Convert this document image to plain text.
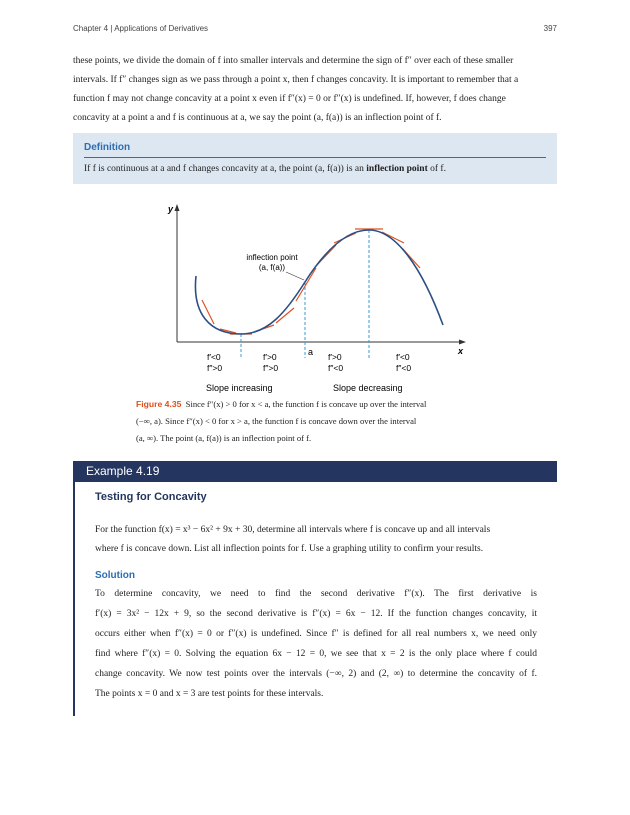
Chapter 4 | Applications of Derivatives	397

these points, we divide the domain of f into smaller intervals and determine the sign of f″ over each of these smaller

intervals. If f″ changes sign as we pass through a point x, then f changes concavity. It is important to remember that a

function f may not change concavity at a point x even if f″(x) = 0 or f″(x) is undefined. If, however, f does change

concavity at a point a and f is continuous at a, we say the point (a, f(a)) is an inflection point of f.

Definition
If f is continuous at a and f changes concavity at a, the point (a, f(a)) is an inflection point of f.
y
x
inflection point
(a, f(a))
a
f′<0
f″>0
f′>0
f″>0
f′>0
f″<0
f′<0
f″<0
Slope increasing	Slope decreasing
Figure 4.35 Since f″(x) > 0 for x < a, the function f is concave up over the interval
(−∞, a). Since f″(x) < 0 for x > a, the function f is concave down over the interval
(a, ∞). The point (a, f(a)) is an inflection point of f.
Example 4.19
Testing for Concavity

For the function f(x) = x³ − 6x² + 9x + 30, determine all intervals where f is concave up and all intervals

where f is concave down. List all inflection points for f. Use a graphing utility to confirm your results.

Solution

To determine concavity, we need to find the second derivative f″(x). The first derivative is

f′(x) = 3x² − 12x + 9, so the second derivative is f″(x) = 6x − 12. If the function changes concavity, it

occurs either when f″(x) = 0 or f″(x) is undefined. Since f″ is defined for all real numbers x, we need only

find where f″(x) = 0. Solving the equation 6x − 12 = 0, we see that x = 2 is the only place where f could

change concavity. We now test points over the intervals (−∞, 2) and (2, ∞) to determine the concavity of f.

The points x = 0 and x = 3 are test points for these intervals.
